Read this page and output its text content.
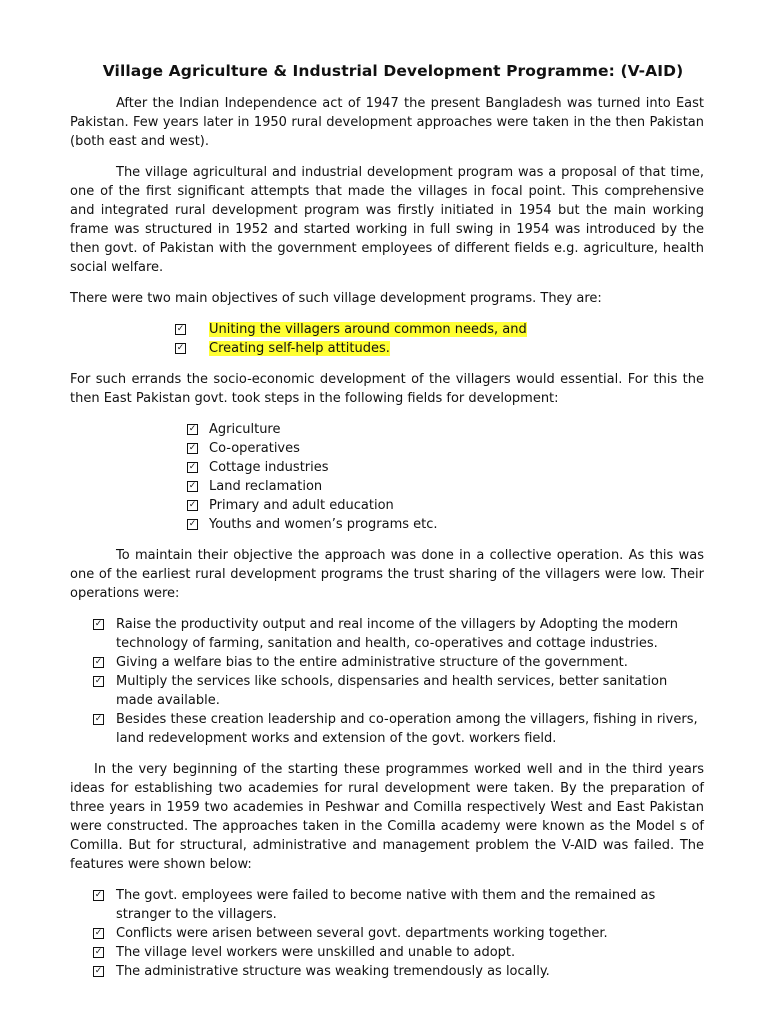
Village Agriculture & Industrial Development Programme: (V-AID)

After the Indian Independence act of 1947 the present Bangladesh was turned into East Pakistan. Few years later in 1950 rural development approaches were taken in the then Pakistan (both east and west).

The village agricultural and industrial development program was a proposal of that time, one of the first significant attempts that made the villages in focal point. This comprehensive and integrated rural development program was firstly initiated in 1954 but the main working frame was structured in 1952 and started working in full swing in 1954 was introduced by the then govt. of Pakistan with the government employees of different fields e.g. agriculture, health social welfare.

There were two main objectives of such village development programs. They are:

✓
Uniting the villagers around common needs, and
✓
Creating self-help attitudes.

For such errands the socio-economic development of the villagers would essential. For this the then East Pakistan govt. took steps in the following fields for development:

✓
Agriculture
✓
Co-operatives
✓
Cottage industries
✓
Land reclamation
✓
Primary and adult education
✓
Youths and women’s programs etc.

To maintain their objective the approach was done in a collective operation. As this was one of the earliest rural development programs the trust sharing of the villagers were low. Their operations were:

✓
Raise the productivity output and real income of the villagers by Adopting the modern technology of farming, sanitation and health, co-operatives and cottage industries.
✓
Giving a welfare bias to the entire administrative structure of the government.
✓
Multiply the services like schools, dispensaries and health services, better sanitation made available.
✓
Besides these creation leadership and co-operation among the villagers, fishing in rivers, land redevelopment works and extension of the govt. workers field.

In the very beginning of the starting these programmes worked well and in the third years ideas for establishing two academies for rural development were taken. By the preparation of three years in 1959 two academies in Peshwar and Comilla respectively West and East Pakistan were constructed. The approaches taken in the Comilla academy were known as the Model s of Comilla. But for structural, administrative and management problem the V-AID was failed. The features were shown below:

✓
The govt. employees were failed to become native with them and the remained as stranger to the villagers.
✓
Conflicts were arisen between several govt. departments working together.
✓
The village level workers were unskilled and unable to adopt.
✓
The administrative structure was weaking tremendously as locally.
